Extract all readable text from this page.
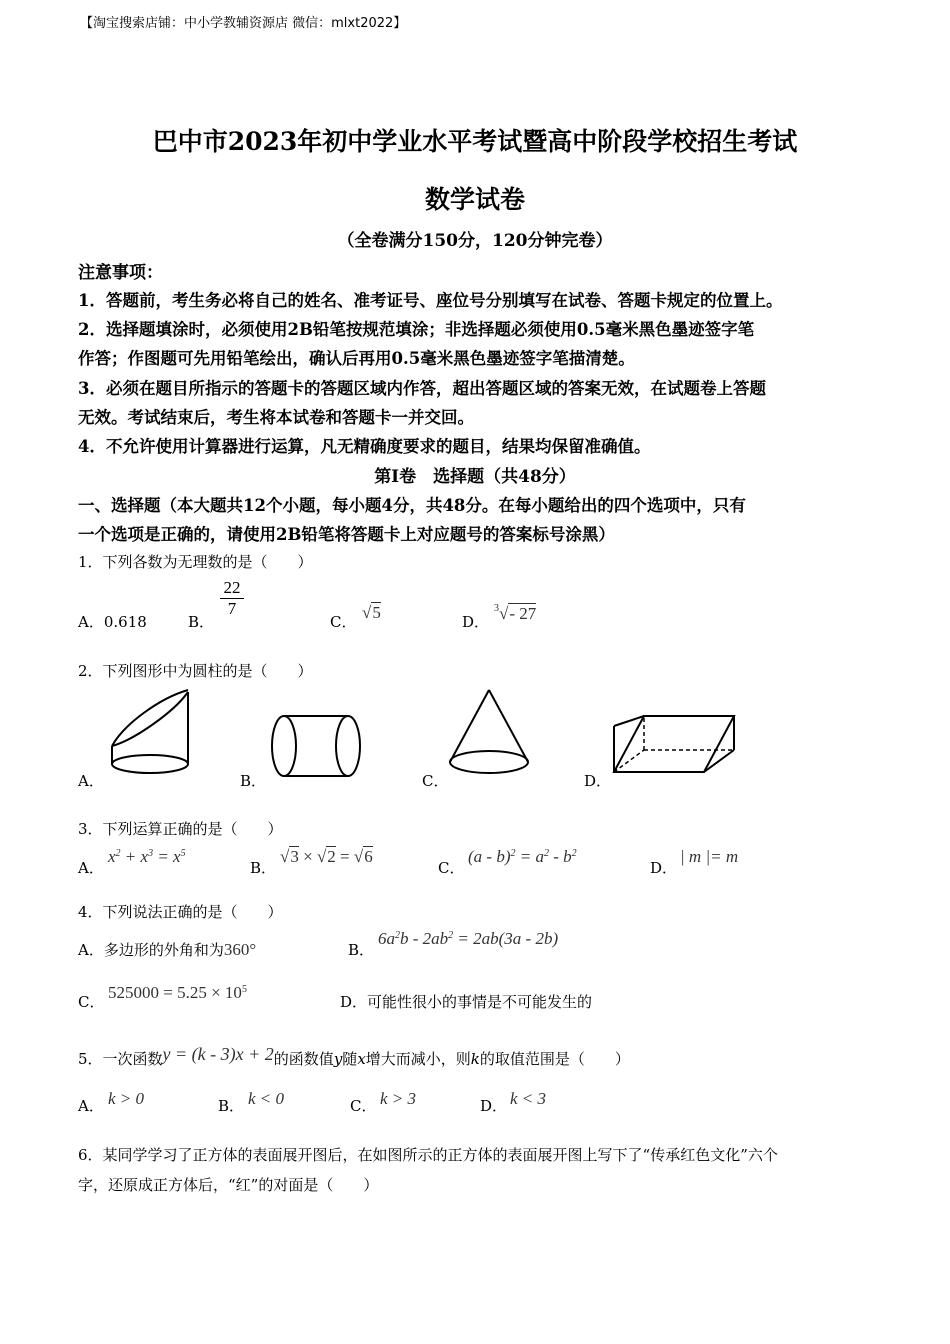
【淘宝搜索店铺：中小学教辅资源店 微信：mlxt2022】
巴中市2023年初中学业水平考试暨高中阶段学校招生考试
数学试卷
（全卷满分150分，120分钟完卷）
注意事项：
1．答题前，考生务必将自己的姓名、准考证号、座位号分别填写在试卷、答题卡规定的位置上。
2．选择题填涂时，必须使用2B铅笔按规范填涂；非选择题必须使用0.5毫米黑色墨迹签字笔
作答；作图题可先用铅笔绘出，确认后再用0.5毫米黑色墨迹签字笔描清楚。
3．必须在题目所指示的答题卡的答题区域内作答，超出答题区域的答案无效，在试题卷上答题
无效。考试结束后，考生将本试卷和答题卡一并交回。
4．不允许使用计算器进行运算，凡无精确度要求的题目，结果均保留准确值。
第Ⅰ卷　选择题（共48分）
一、选择题（本大题共12个小题，每小题4分，共48分。在每小题给出的四个选项中，只有
一个选项是正确的，请使用2B铅笔将答题卡上对应题号的答案标号涂黑）
1．下列各数为无理数的是（　　）
A．0.618	B．
$\frac{22}{7}$
C． √5	D．
$^3$√- 27
2．下列图形中为圆柱的是（　　）
A．	B．	C．	D．
3．下列运算正确的是（　　）
A．
$x^2 + x^3 = x^5$
B．
√3 × √2 = √6
C．
$(a - b)^2 = a^2 - b^2$
D．
| m |= m
4．下列说法正确的是（　　）
A．多边形的外角和为360°	B．
$6a^2b - 2ab^2 = 2ab(3a - 2b)$
C． $525000 = 5.25 \times 10^5$
D．可能性很小的事情是不可能发生的
5．一次函数y = (k - 3)x + 2的函数值y随x增大而减小，则k的取值范围是（　　）
A． k > 0	B． k < 0	C． k > 3	D． k < 3
6．某同学学习了正方体的表面展开图后，在如图所示的正方体的表面展开图上写下了“传承红色文化”六个
字，还原成正方体后，“红”的对面是（　　）
